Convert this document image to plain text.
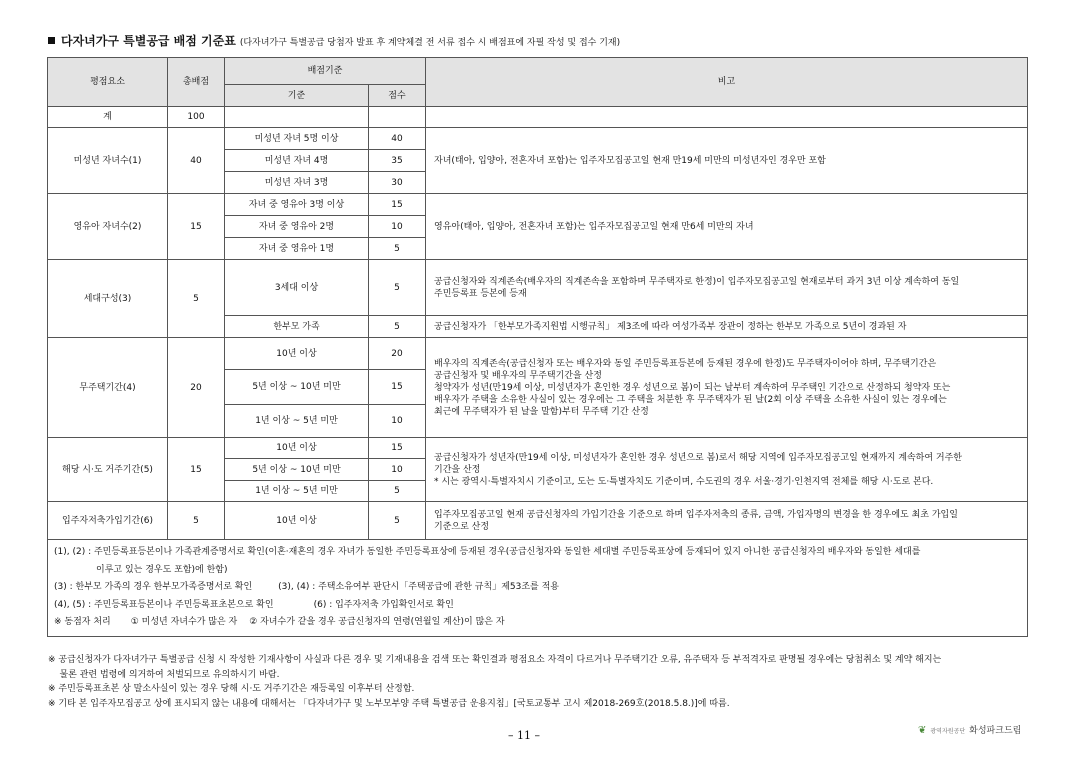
다자녀가구 특별공급 배점 기준표 (다자녀가구 특별공급 당첨자 발표 후 계약체결 전 서류 접수 시 배점표에 자필 작성 및 접수 기재)
평점요소	총배점	배점기준		비고
		기준	점수	
계	100			
미성년 자녀수(1)	40	미성년 자녀 5명 이상	40	자녀(태아, 입양아, 전혼자녀 포함)는 입주자모집공고일 현재 만19세 미만의 미성년자인 경우만 포함
		미성년 자녀 4명	35	
		미성년 자녀 3명	30	
영유아 자녀수(2)	15	자녀 중 영유아 3명 이상	15	영유아(태아, 입양아, 전혼자녀 포함)는 입주자모집공고일 현재 만6세 미만의 자녀
		자녀 중 영유아 2명	10	
		자녀 중 영유아 1명	5	
세대구성(3)	5	3세대 이상	5	공급신청자와 직계존속(배우자의 직계존속을 포함하며 무주택자로 한정)이 입주자모집공고일 현재로부터 과거 3년 이상 계속하여 동일
주민등록표 등본에 등재

		한부모 가족	5	공급신청자가 「한부모가족지원법 시행규칙」 제3조에 따라 여성가족부 장관이 정하는 한부모 가족으로 5년이 경과된 자
무주택기간(4)	20	10년 이상	20	배우자의 직계존속(공급신청자 또는 배우자와 동일 주민등록표등본에 등재된 경우에 한정)도 무주택자이어야 하며, 무주택기간은
공급신청자 및 배우자의 무주택기간을 산정
청약자가 성년(만19세 이상, 미성년자가 혼인한 경우 성년으로 봄)이 되는 날부터 계속하여 무주택인 기간으로 산정하되 청약자 또는
배우자가 주택을 소유한 사실이 있는 경우에는 그 주택을 처분한 후 무주택자가 된 날(2회 이상 주택을 소유한 사실이 있는 경우에는
최근에 무주택자가 된 날을 말함)부터 무주택 기간 산정

		5년 이상 ~ 10년 미만	15	
		1년 이상 ~ 5년 미만	10	
해당 시·도 거주기간(5)	15	10년 이상	15	공급신청자가 성년자(만19세 이상, 미성년자가 혼인한 경우 성년으로 봄)로서 해당 지역에 입주자모집공고일 현재까지 계속하여 거주한
기간을 산정
* 시는 광역시·특별자치시 기준이고, 도는 도·특별자치도 기준이며, 수도권의 경우 서울·경기·인천지역 전체를 해당 시·도로 본다.

		5년 이상 ~ 10년 미만	10	
		1년 이상 ~ 5년 미만	5	
입주자저축가입기간(6)	5	10년 이상	5	입주자모집공고일 현재 공급신청자의 가입기간을 기준으로 하며 입주자저축의 종류, 금액, 가입자명의 변경을 한 경우에도 최초 가입일
기준으로 산정

(1), (2) : 주민등록표등본이나 가족관계증명서로 확인(이혼·재혼의 경우 자녀가 동일한 주민등록표상에 등재된 경우(공급신청자와 동일한 세대별 주민등록표상에 등재되어 있지 아니한 공급신청자의 배우자와 동일한 세대를
이루고 있는 경우도 포함)에 한함)
(3) : 한부모 가족의 경우 한부모가족증명서로 확인 (3), (4) : 주택소유여부 판단시「주택공급에 관한 규칙」제53조를 적용
(4), (5) : 주민등록표등본이나 주민등록표초본으로 확인 (6) : 입주자저축 가입확인서로 확인
※ 동점자 처리 ① 미성년 자녀수가 많은 자 ② 자녀수가 같을 경우 공급신청자의 연령(연월일 계산)이 많은 자				
※ 공급신청자가 다자녀가구 특별공급 신청 시 작성한 기재사항이 사실과 다른 경우 및 기재내용을 검색 또는 확인결과 평점요소 자격이 다르거나 무주택기간 오류, 유주택자 등 부적격자로 판명될 경우에는 당첨취소 및 계약 해지는
물론 관련 법령에 의거하여 처벌되므로 유의하시기 바람.
※ 주민등록표초본 상 말소사실이 있는 경우 당해 시·도 거주기간은 재등록일 이후부터 산정함.
※ 기타 본 입주자모집공고 상에 표시되지 않는 내용에 대해서는 「다자녀가구 및 노부모부양 주택 특별공급 운용지침」[국토교통부 고시 제2018-269호(2018.5.8.)]에 따름.
– 11 –	❦ 광역자원공단 화성파크드림
